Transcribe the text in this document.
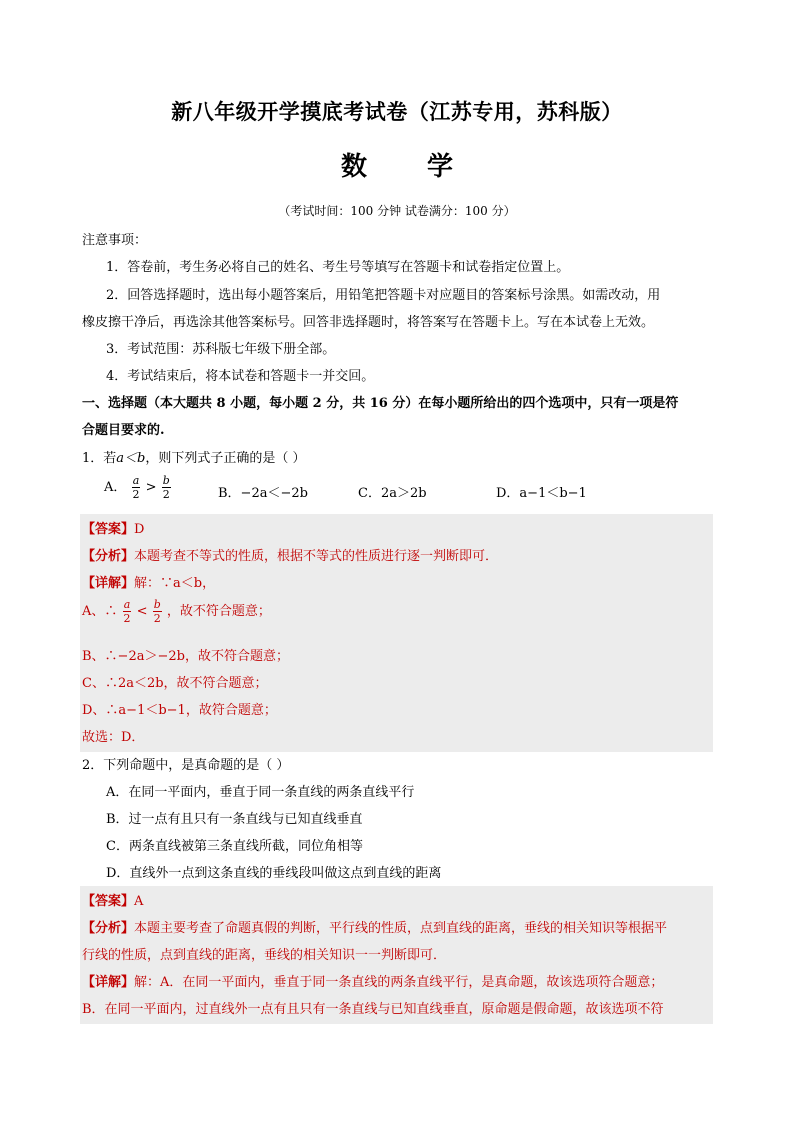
新八年级开学摸底考试卷（江苏专用，苏科版）
数学
（考试时间：100 分钟 试卷满分：100 分）
注意事项：
1．答卷前，考生务必将自己的姓名、考生号等填写在答题卡和试卷指定位置上。
2．回答选择题时，选出每小题答案后，用铅笔把答题卡对应题目的答案标号涂黑。如需改动，用
橡皮擦干净后，再选涂其他答案标号。回答非选择题时，将答案写在答题卡上。写在本试卷上无效。
3．考试范围：苏科版七年级下册全部。
4．考试结束后，将本试卷和答题卡一并交回。
一、选择题（本大题共 8 小题，每小题 2 分，共 16 分）在每小题所给出的四个选项中，只有一项是符
合题目要求的.
1．若a＜b，则下列式子正确的是（ ）
A． $\frac{a}{2} > \frac{b}{2}$	B．−2a＜−2b	C．2a＞2b	D．a−1＜b−1
【答案】D
【分析】本题考查不等式的性质，根据不等式的性质进行逐一判断即可．
【详解】解：∵a＜b，
A、∴ $\frac{a}{2} < \frac{b}{2}$ ，故不符合题意；
B、∴−2a＞−2b，故不符合题意；
C、∴2a＜2b，故不符合题意；
D、∴a−1＜b−1，故符合题意；
故选：D．
2．下列命题中，是真命题的是（ ）
A．在同一平面内，垂直于同一条直线的两条直线平行
B．过一点有且只有一条直线与已知直线垂直
C．两条直线被第三条直线所截，同位角相等
D．直线外一点到这条直线的垂线段叫做这点到直线的距离
【答案】A
【分析】本题主要考查了命题真假的判断，平行线的性质，点到直线的距离，垂线的相关知识等根据平
行线的性质，点到直线的距离，垂线的相关知识一一判断即可．
【详解】解：A．在同一平面内，垂直于同一条直线的两条直线平行，是真命题，故该选项符合题意；
B．在同一平面内，过直线外一点有且只有一条直线与已知直线垂直，原命题是假命题，故该选项不符
